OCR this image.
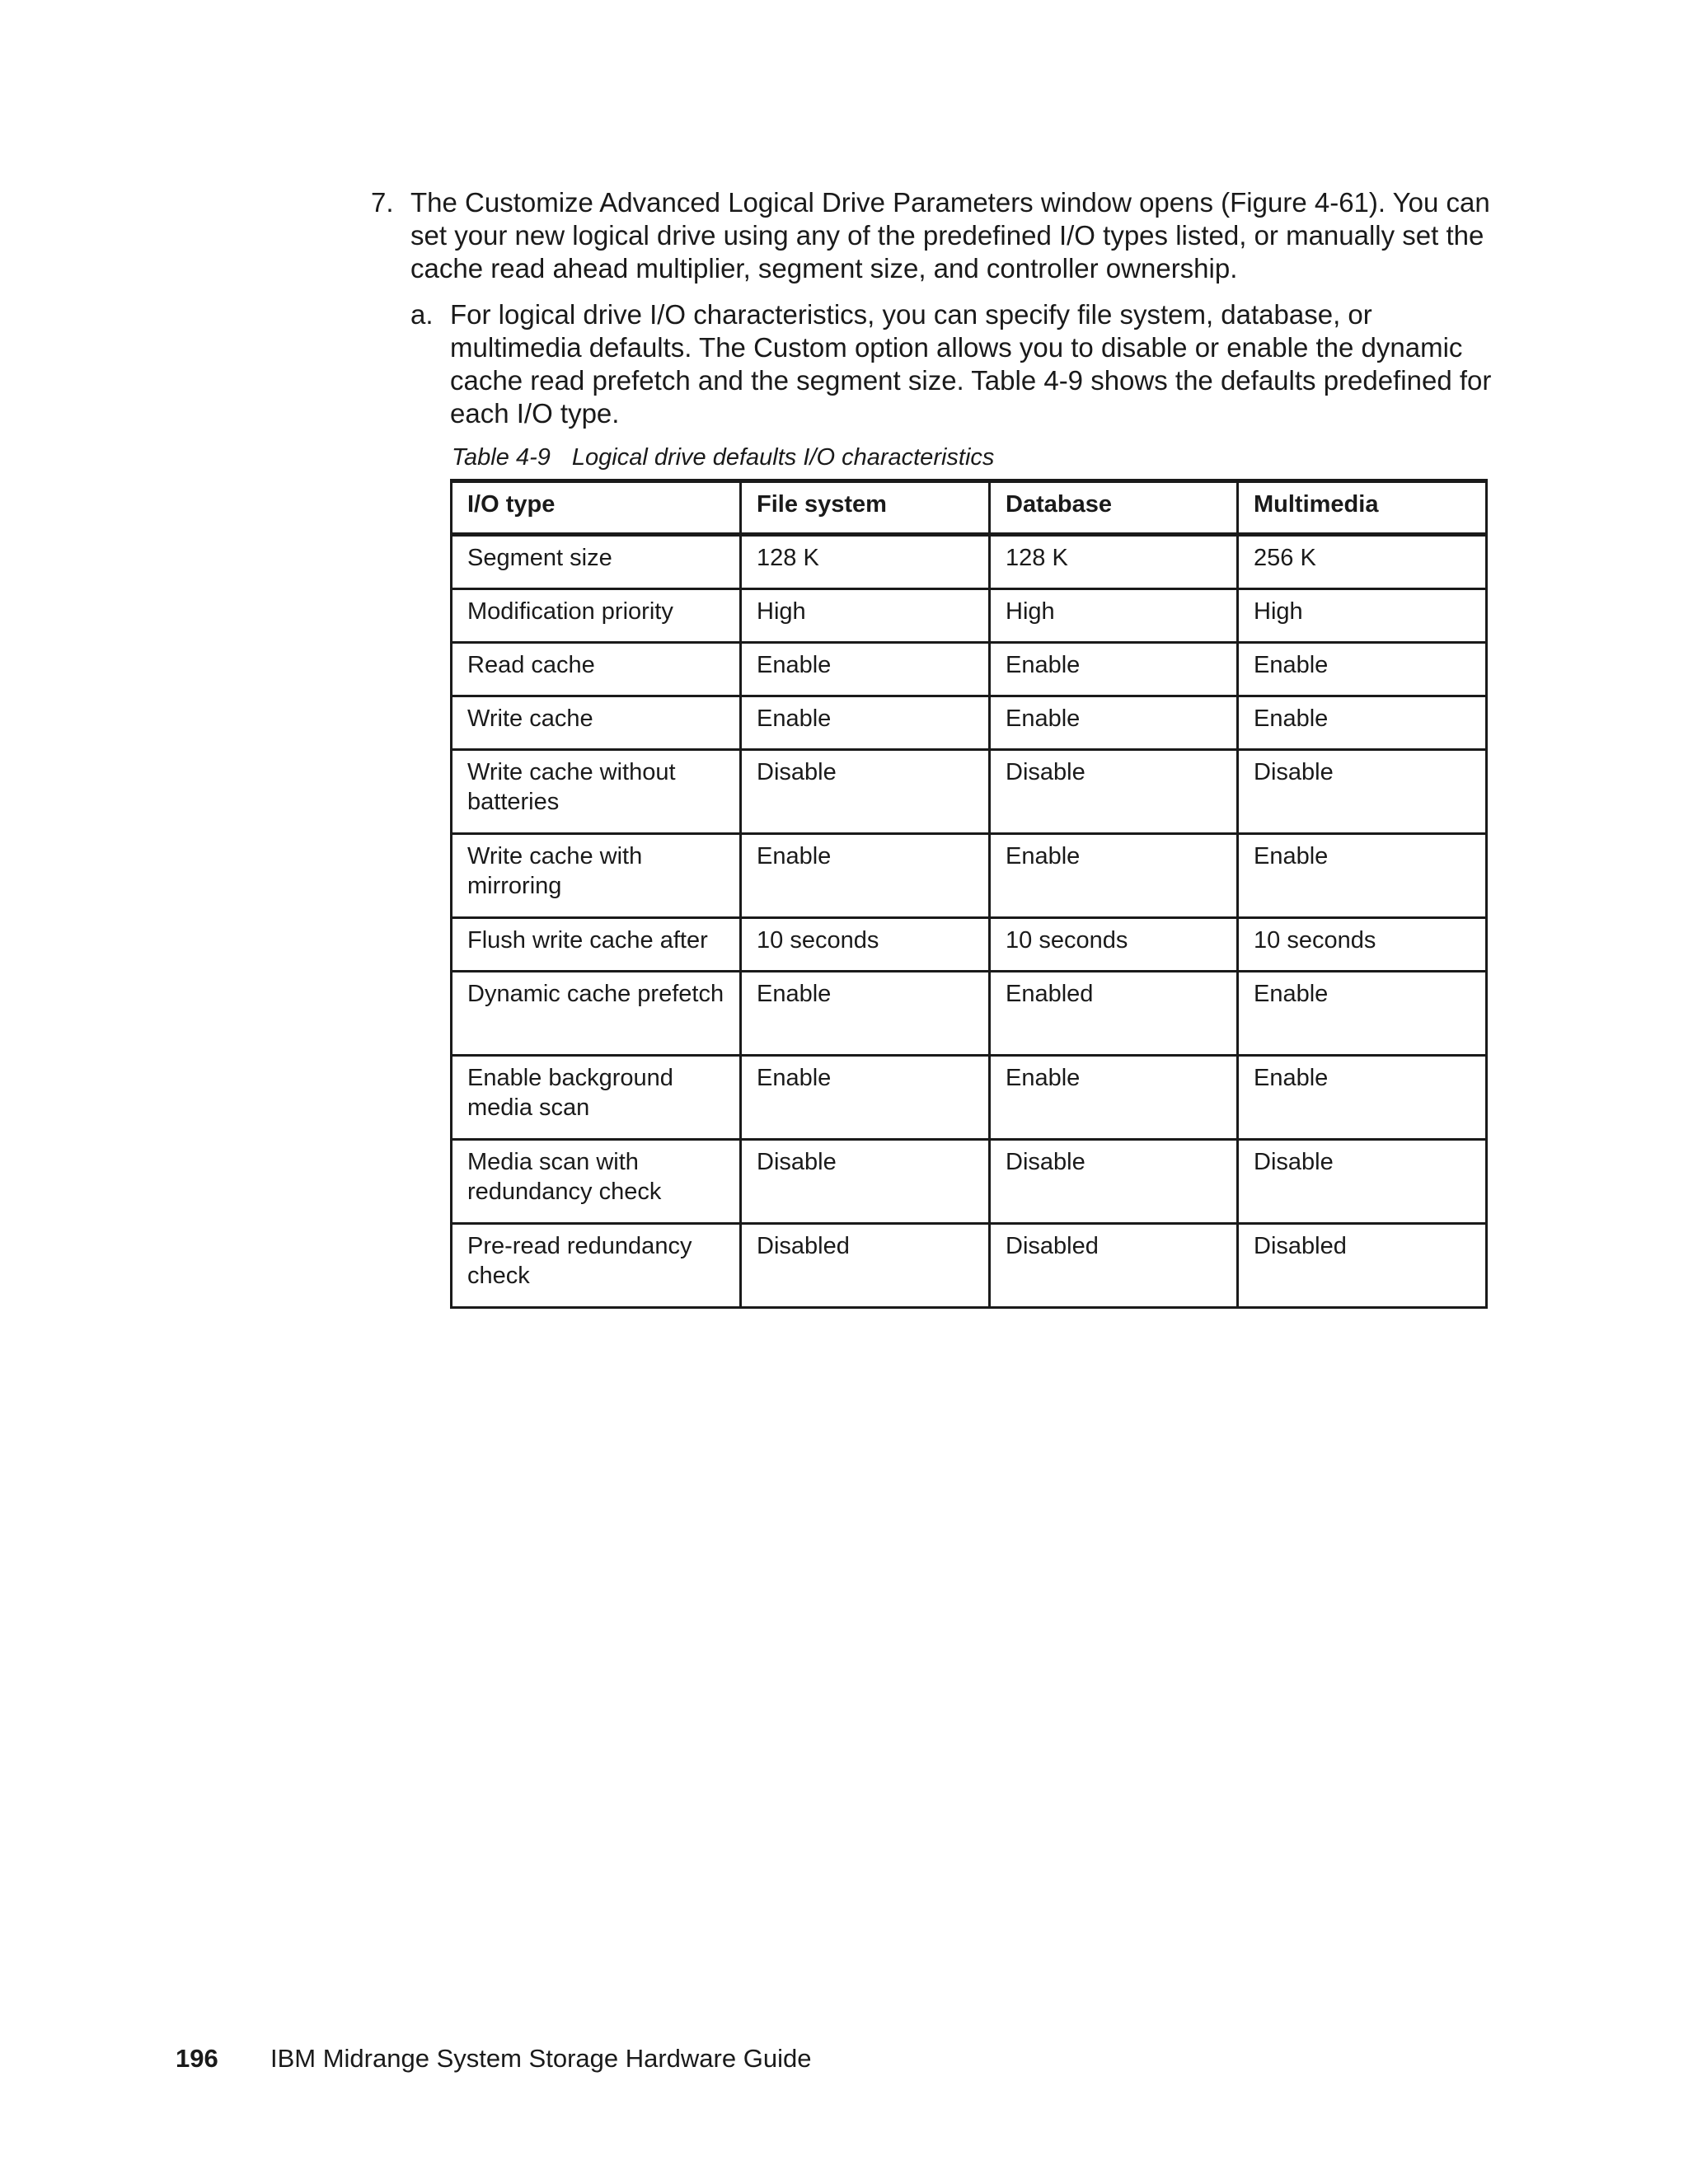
7. The Customize Advanced Logical Drive Parameters window opens (Figure 4-61). You can set your new logical drive using any of the predefined I/O types listed, or manually set the cache read ahead multiplier, segment size, and controller ownership.

a. For logical drive I/O characteristics, you can specify file system, database, or multimedia defaults. The Custom option allows you to disable or enable the dynamic cache read prefetch and the segment size. Table 4-9 shows the defaults predefined for each I/O type.

Table 4-9 Logical drive defaults I/O characteristics
I/O type	File system	Database	Multimedia
Segment size	128 K	128 K	256 K
Modification priority	High	High	High
Read cache	Enable	Enable	Enable
Write cache	Enable	Enable	Enable
Write cache without batteries	Disable	Disable	Disable
Write cache with mirroring	Enable	Enable	Enable
Flush write cache after	10 seconds	10 seconds	10 seconds
Dynamic cache prefetch	Enable	Enabled	Enable
Enable background media scan	Enable	Enable	Enable
Media scan with redundancy check	Disable	Disable	Disable
Pre-read redundancy check	Disabled	Disabled	Disabled
196 IBM Midrange System Storage Hardware Guide
